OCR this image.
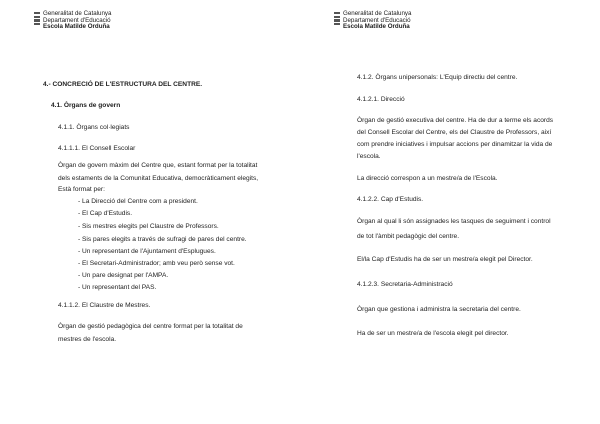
Generalitat de Catalunya
Departament d'Educació
Escola Matilde Orduña
4.- CONCRECIÓ DE L'ESTRUCTURA DEL CENTRE.
4.1. Òrgans de govern
4.1.1. Òrgans col·legiats
4.1.1.1. El Consell Escolar
Òrgan de govern màxim del Centre que, estant format per la totalitat
dels estaments de la Comunitat Educativa, democràticament elegits,
Està format per:
- La Direcció del Centre com a president.
- El Cap d'Estudis.
- Sis mestres elegits pel Claustre de Professors.
- Sis pares elegits a través de sufragi de pares del centre.
- Un representant de l'Ajuntament d'Esplugues.
- El Secretari-Administrador; amb veu però sense vot.
- Un pare designat per l'AMPA.
- Un representant del PAS.
4.1.1.2. El Claustre de Mestres.
Òrgan de gestió pedagògica del centre format per la totalitat de
mestres de l'escola.
Generalitat de Catalunya
Departament d'Educació
Escola Matilde Orduña
4.1.2. Òrgans unipersonals: L'Equip directiu del centre.
4.1.2.1. Direcció
Òrgan de gestió executiva del centre. Ha de dur a terme els acords
del Consell Escolar del Centre, els del Claustre de Professors, així
com prendre iniciatives i impulsar accions per dinamitzar la vida de
l'escola.
La direcció correspon a un mestre/a de l'Escola.
4.1.2.2. Cap d'Estudis.
Òrgan al qual li són assignades les tasques de seguiment i control
de tot l'àmbit pedagògic del centre.
El/la Cap d'Estudis ha de ser un mestre/a elegit pel Director.
4.1.2.3. Secretaria-Administració
Òrgan que gestiona i administra la secretaria del centre.
Ha de ser un mestre/a de l'escola elegit pel director.
